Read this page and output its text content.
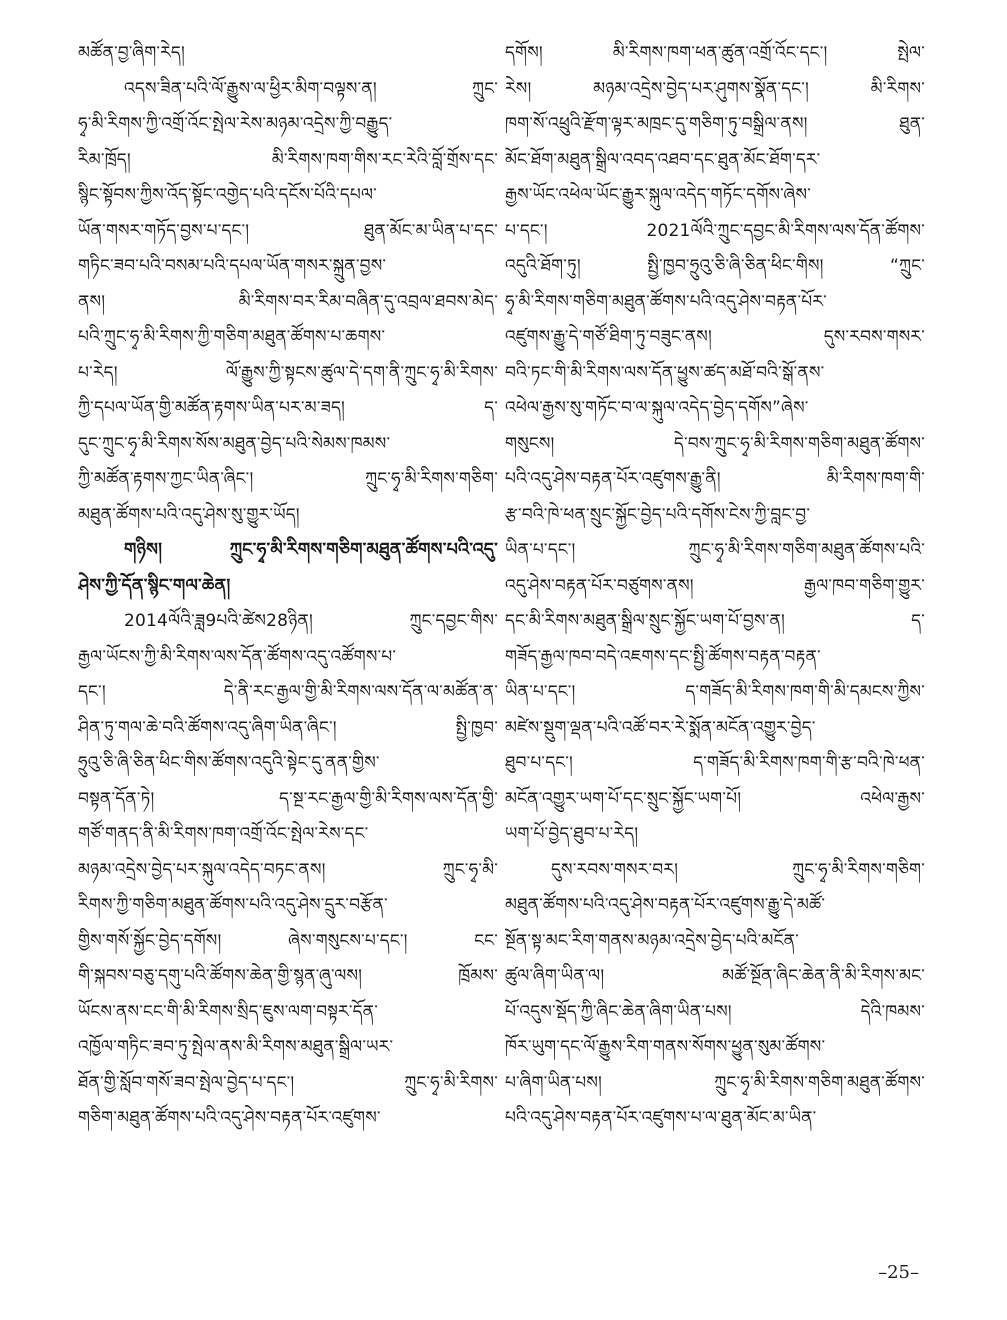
མཚོན་བྱ་ཞིག་རེད།
འདས་ཟིན་པའི་ལོ་རྒྱུས་ལ་ཕྱིར་མིག་བལྟས་ན། ཀྲུང་
ཧྭ་མི་རིགས་ཀྱི་འགྲོ་འོང་སྤེལ་རེས་མཉམ་འདྲེས་ཀྱི་བརྒྱུད་
རིམ་ཁྲོད། མི་རིགས་ཁག་གིས་རང་རེའི་བློ་གྲོས་དང་
སྙིང་སྟོབས་ཀྱིས་འོད་སྟོང་འགྱེད་པའི་དངོས་པོའི་དཔལ་
ཡོན་གསར་གཏོད་བྱས་པ་དང་། ཐུན་མོང་མ་ཡིན་པ་དང་
གཏིང་ཟབ་པའི་བསམ་པའི་དཔལ་ཡོན་གསར་སྐྲུན་བྱས་
ནས། མི་རིགས་བར་རིམ་བཞིན་དུ་འབྲལ་ཐབས་མེད་
པའི་ཀྲུང་ཧྭ་མི་རིགས་ཀྱི་གཅིག་མཐུན་ཚོགས་པ་ཆགས་
པ་རེད། ལོ་རྒྱུས་ཀྱི་སྟངས་ཚུལ་དེ་དག་ནི་ཀྲུང་ཧྭ་མི་རིགས་
ཀྱི་དཔལ་ཡོན་གྱི་མཚོན་རྟགས་ཡིན་པར་མ་ཟད། ད་
དུང་ཀྲུང་ཧྭ་མི་རིགས་སོས་མཐུན་བྱེད་པའི་སེམས་ཁམས་
ཀྱི་མཚོན་རྟགས་ཀྱང་ཡིན་ཞིང་། ཀྲུང་ཧྭ་མི་རིགས་གཅིག་
མཐུན་ཚོགས་པའི་འདུ་ཤེས་སུ་གྱུར་ཡོད།
གཉིས། ཀྲུང་ཧྭ་མི་རིགས་གཅིག་མཐུན་ཚོགས་པའི་འདུ་
ཤེས་ཀྱི་དོན་སྙིང་གལ་ཆེན།
2014ལོའི་ཟླ9པའི་ཚེས28ཉིན། ཀྲུང་དབྱང་གིས་
རྒྱལ་ཡོངས་ཀྱི་མི་རིགས་ལས་དོན་ཚོགས་འདུ་འཚོགས་པ་
དང་། དེ་ནི་རང་རྒྱལ་གྱི་མི་རིགས་ལས་དོན་ལ་མཚོན་ན་
ཤིན་ཏུ་གལ་ཆེ་བའི་ཚོགས་འདུ་ཞིག་ཡིན་ཞིང་། སྤྱི་ཁྱབ་
ཧྲུའུ་ཅི་ཞི་ཅིན་ཕིང་གིས་ཚོགས་འདུའི་སྟེང་དུ་ནན་གྱིས་
བསྟན་དོན་ཏེ། ད་སྔ་རང་རྒྱལ་གྱི་མི་རིགས་ལས་དོན་གྱི་
གཙོ་གནད་ནི་མི་རིགས་ཁག་འགྲོ་འོང་སྤེལ་རེས་དང་
མཉམ་འདྲེས་བྱེད་པར་སྐུལ་འདེད་བཏང་ནས། ཀྲུང་ཧྭ་མི་
རིགས་ཀྱི་གཅིག་མཐུན་ཚོགས་པའི་འདུ་ཤེས་དྲུར་བརྩོན་
གྱིས་གསོ་སྐྱོང་བྱེད་དགོས། ཞེས་གསུངས་པ་དང་། ངང་
གི་སྐབས་བཅུ་དགུ་པའི་ཚོགས་ཆེན་གྱི་སྙན་ཞུ་ལས། ཁྲོམས་
ཡོངས་ནས་ངང་གི་མི་རིགས་སྲིད་ཇུས་ལག་བསྟར་དོན་
འཁྱོལ་གཏིང་ཟབ་ཏུ་སྤེལ་ནས་མི་རིགས་མཐུན་སྒྲིལ་ཡར་
ཐོན་གྱི་སློབ་གསོ་ཟབ་སྤེལ་བྱེད་པ་དང་། ཀྲུང་ཧྭ་མི་རིགས་
གཅིག་མཐུན་ཚོགས་པའི་འདུ་ཤེས་བརྟན་པོར་འཛུགས་
དགོས། མི་རིགས་ཁག་ཕན་ཚུན་འགྲོ་འོང་དང་། སྤེལ་
རེས། མཉམ་འདྲེས་བྱེད་པར་ཤུགས་སྣོན་དང་། མི་རིགས་
ཁག་སོ་འཕྲུའི་རྫོག་ལྟར་མཁྲང་དུ་གཅིག་ཏུ་བསྒྲིལ་ནས། ཐུན་
མོང་ཐོག་མཐུན་སྒྲིལ་འབད་འཐབ་དང་ཐུན་མོང་ཐོག་དར་
རྒྱས་ཡོང་འཕེལ་ཡོང་རྒྱུར་སྐུལ་འདེད་གཏོང་དགོས་ཞེས་
པ་དང་། 2021ལོའི་ཀྲུང་དབྱང་མི་རིགས་ལས་དོན་ཚོགས་
འདུའི་ཐོག་ཏུ། སྤྱི་ཁྱབ་ཧྲུའུ་ཅི་ཞི་ཅིན་ཕིང་གིས། “ཀྲུང་
ཧྭ་མི་རིགས་གཅིག་མཐུན་ཚོགས་པའི་འདུ་ཤེས་བརྟན་པོར་
འཛུགས་རྒྱུ་དེ་གཙོ་ཐིག་ཏུ་བཟུང་ནས། དུས་རབས་གསར་
བའི་ཏང་གི་མི་རིགས་ལས་དོན་ཕྱུས་ཚད་མཐོ་བའི་སྒོ་ནས་
འཕེལ་རྒྱས་སུ་གཏོང་བ་ལ་སྐུལ་འདེད་བྱེད་དགོས”ཞེས་
གསུངས། དེ་བས་ཀྲུང་ཧྭ་མི་རིགས་གཅིག་མཐུན་ཚོགས་
པའི་འདུ་ཤེས་བརྟན་པོར་འཛུགས་རྒྱུ་ནི། མི་རིགས་ཁག་གི་
རྩ་བའི་ཁེ་ཕན་སྲུང་སྐྱོང་བྱེད་པའི་དགོས་ངེས་ཀྱི་བླང་བྱ་
ཡིན་པ་དང་། ཀྲུང་ཧྭ་མི་རིགས་གཅིག་མཐུན་ཚོགས་པའི་
འདུ་ཤེས་བརྟན་པོར་བཙུགས་ནས། རྒྱལ་ཁབ་གཅིག་གྱུར་
དང་མི་རིགས་མཐུན་སྒྲིལ་སྲུང་སྐྱོང་ཡག་པོ་བྱས་ན། ད་
གཟོད་རྒྱལ་ཁབ་བདེ་འཇགས་དང་སྤྱི་ཚོགས་བརྟན་བརྟན་
ཡིན་པ་དང་། ད་གཟོད་མི་རིགས་ཁག་གི་མི་དམངས་ཀྱིས་
མཛེས་སྡུག་ལྡན་པའི་འཚོ་བར་རེ་སྨོན་མངོན་འགྱུར་བྱེད་
ཐུབ་པ་དང་། ད་གཟོད་མི་རིགས་ཁག་གི་རྩ་བའི་ཁེ་ཕན་
མངོན་འགྱུར་ཡག་པོ་དང་སྲུང་སྐྱོང་ཡག་པོ། འཕེལ་རྒྱས་
ཡག་པོ་བྱེད་ཐུབ་པ་རེད།
དུས་རབས་གསར་བར། ཀྲུང་ཧྭ་མི་རིགས་གཅིག་
མཐུན་ཚོགས་པའི་འདུ་ཤེས་བརྟན་པོར་འཛུགས་རྒྱུ་དེ་མཚོ་
སྔོན་སྟ་མང་རིག་གནས་མཉམ་འདྲེས་བྱེད་པའི་མངོན་
ཚུལ་ཞིག་ཡིན་ལ། མཚོ་སྔོན་ཞིང་ཆེན་ནི་མི་རིགས་མང་
པོ་འདུས་སྡོད་ཀྱི་ཞིང་ཆེན་ཞིག་ཡིན་པས། དེའི་ཁམས་
ཁོར་ཡུག་དང་ལོ་རྒྱུས་རིག་གནས་སོགས་ཕྱུན་སུམ་ཚོགས་
པ་ཞིག་ཡིན་པས། ཀྲུང་ཧྭ་མི་རིགས་གཅིག་མཐུན་ཚོགས་
པའི་འདུ་ཤེས་བརྟན་པོར་འཛུགས་པ་ལ་ཐུན་མོང་མ་ཡིན་
–25–
